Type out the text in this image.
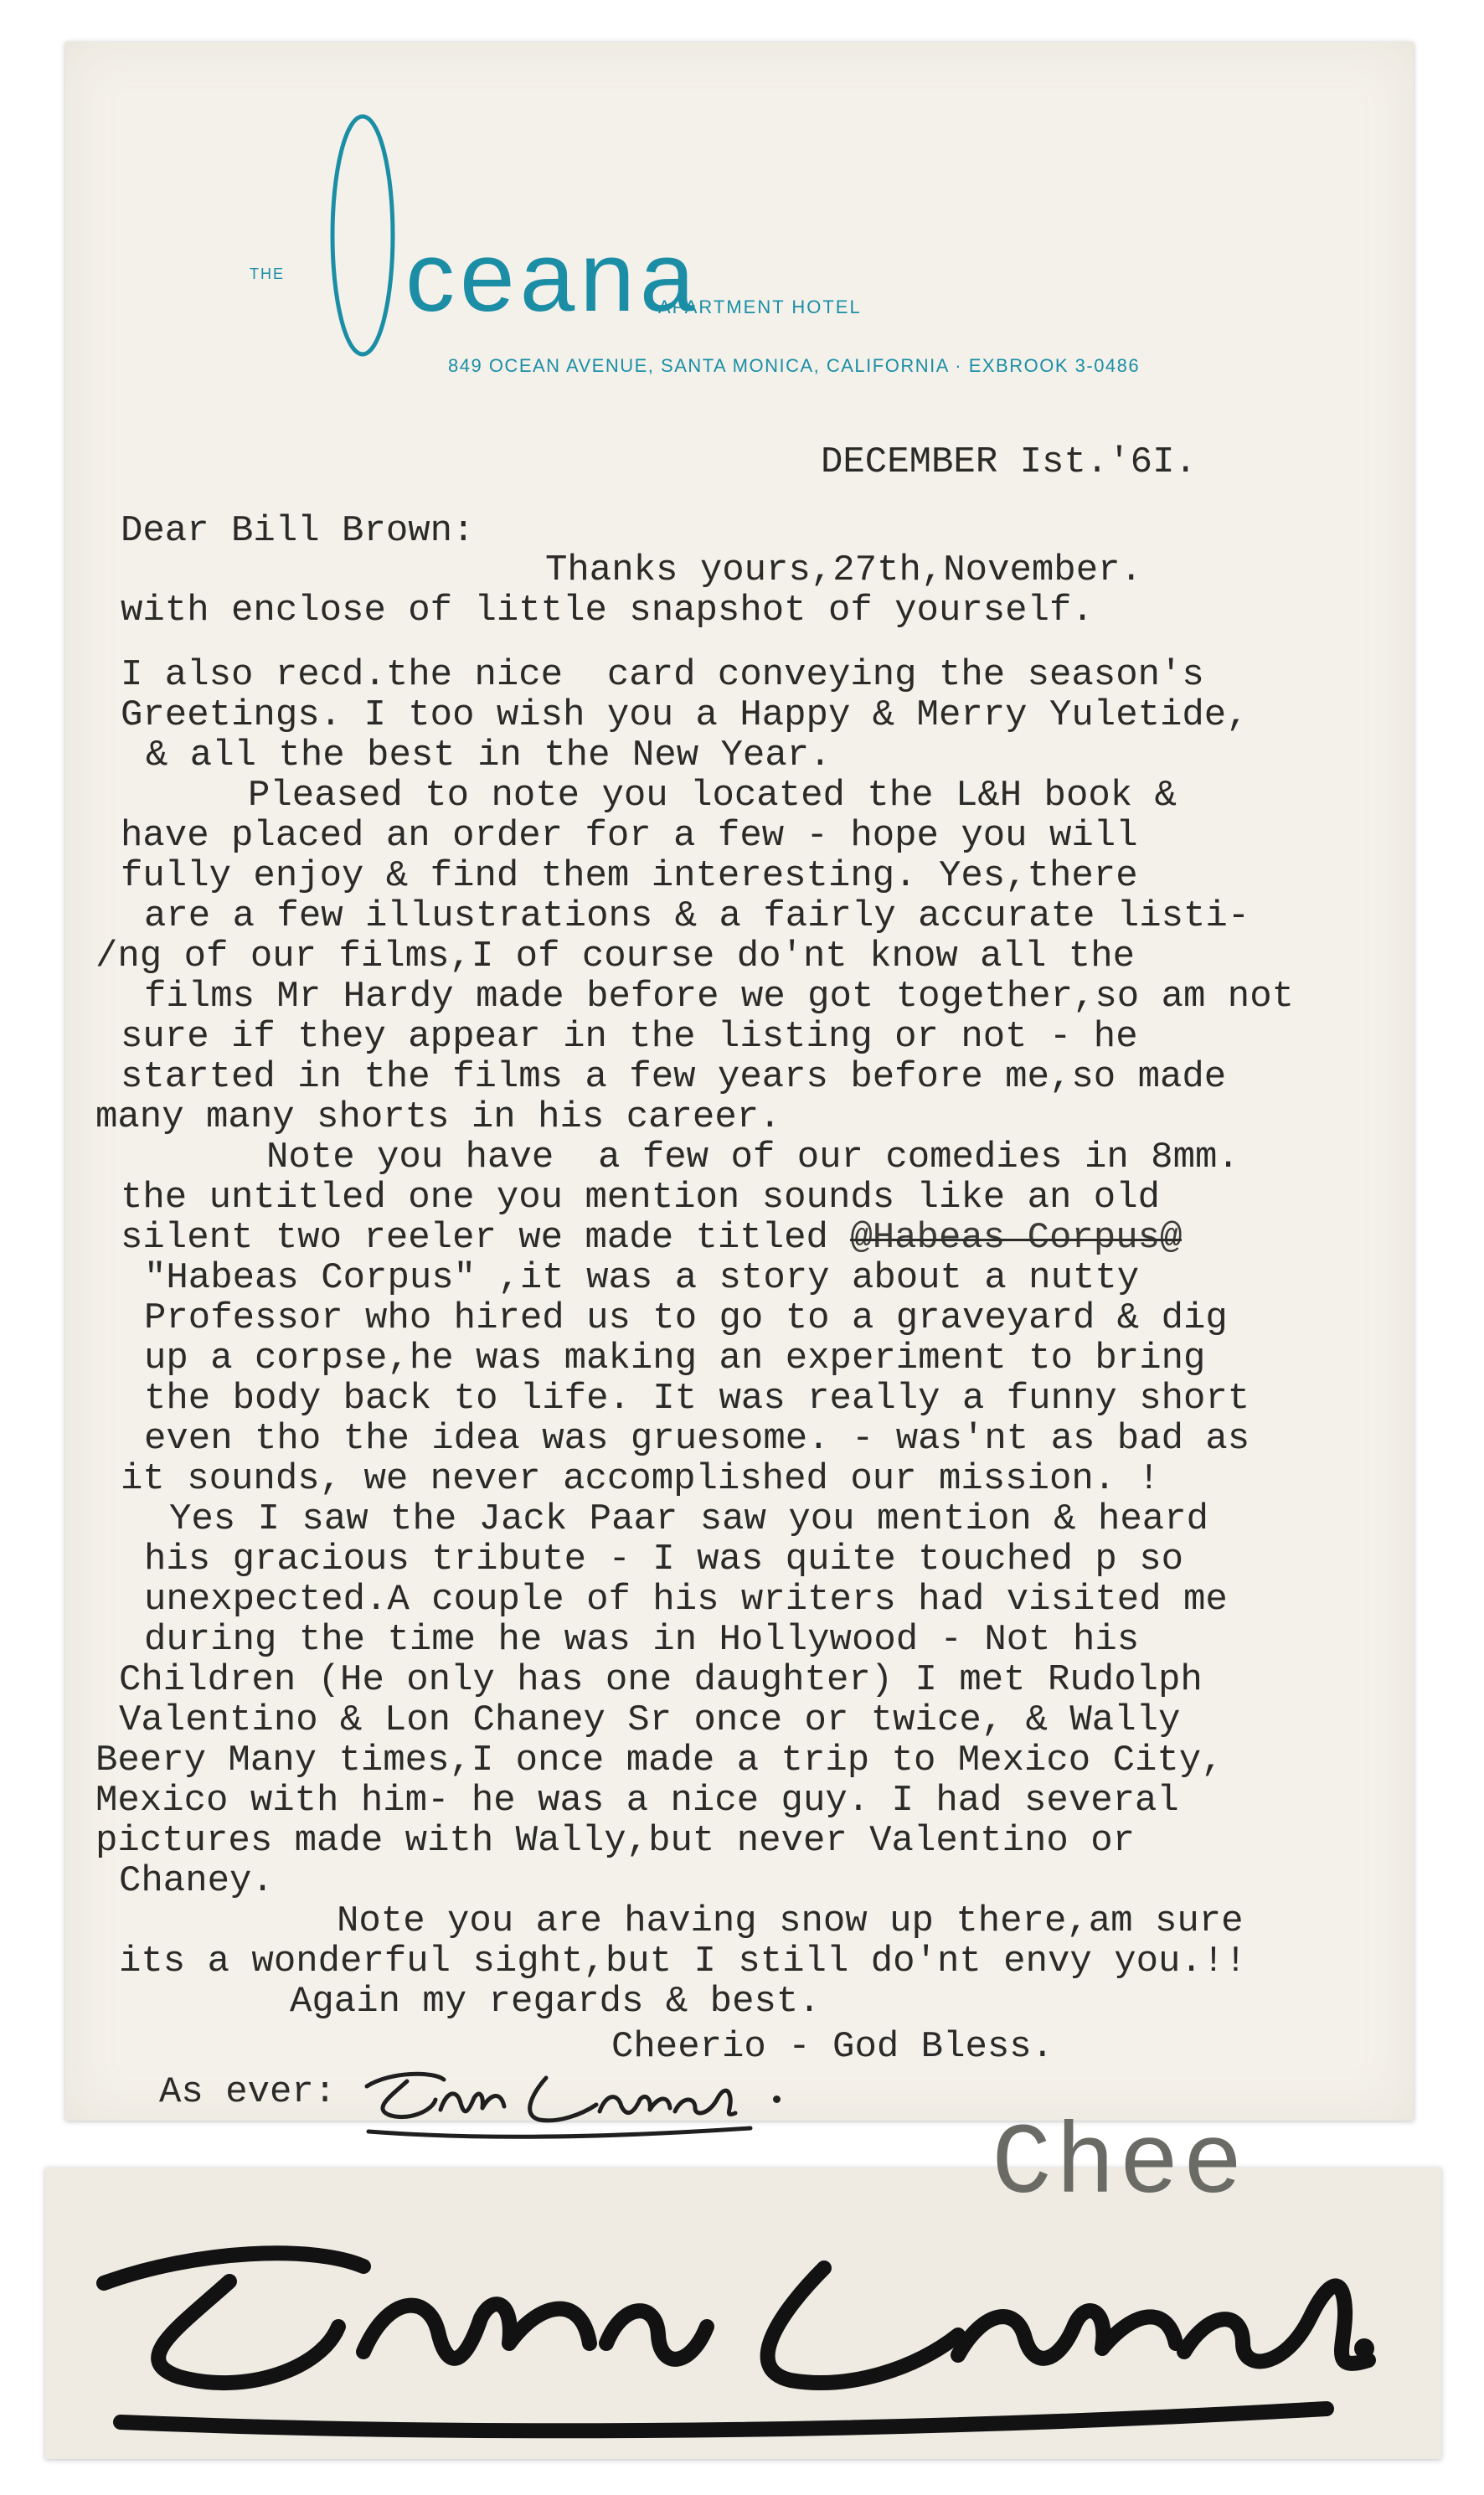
THE ceana
APARTMENT HOTEL
849 OCEAN AVENUE, SANTA MONICA, CALIFORNIA · EXBROOK 3-0486
DECEMBER Ist.'6I.
Dear Bill Brown:
Thanks yours,27th,November.
with enclose of little snapshot of yourself.
I also recd.the nice  card conveying the season's
Greetings. I too wish you a Happy & Merry Yuletide,
& all the best in the New Year.
Pleased to note you located the L&H book &
have placed an order for a few - hope you will
fully enjoy & find them interesting. Yes,there
are a few illustrations & a fairly accurate listi-
/ng of our films,I of course do'nt know all the
films Mr Hardy made before we got together,so am not
sure if they appear in the listing or not - he
started in the films a few years before me,so made
many many shorts in his career.
Note you have  a few of our comedies in 8mm.
the untitled one you mention sounds like an old
silent two reeler we made titled @Habeas Corpus@
"Habeas Corpus" ,it was a story about a nutty
Professor who hired us to go to a graveyard & dig
up a corpse,he was making an experiment to bring
the body back to life. It was really a funny short
even tho the idea was gruesome. - was'nt as bad as
it sounds, we never accomplished our mission. !
Yes I saw the Jack Paar saw you mention & heard
his gracious tribute - I was quite touched p so
unexpected.A couple of his writers had visited me
during the time he was in Hollywood - Not his
Children (He only has one daughter) I met Rudolph
Valentino & Lon Chaney Sr once or twice, & Wally
Beery Many times,I once made a trip to Mexico City,
Mexico with him- he was a nice guy. I had several
pictures made with Wally,but never Valentino or
Chaney.
Note you are having snow up there,am sure
its a wonderful sight,but I still do'nt envy you.!!
Again my regards & best.
Cheerio - God Bless.
As ever:
Chee
